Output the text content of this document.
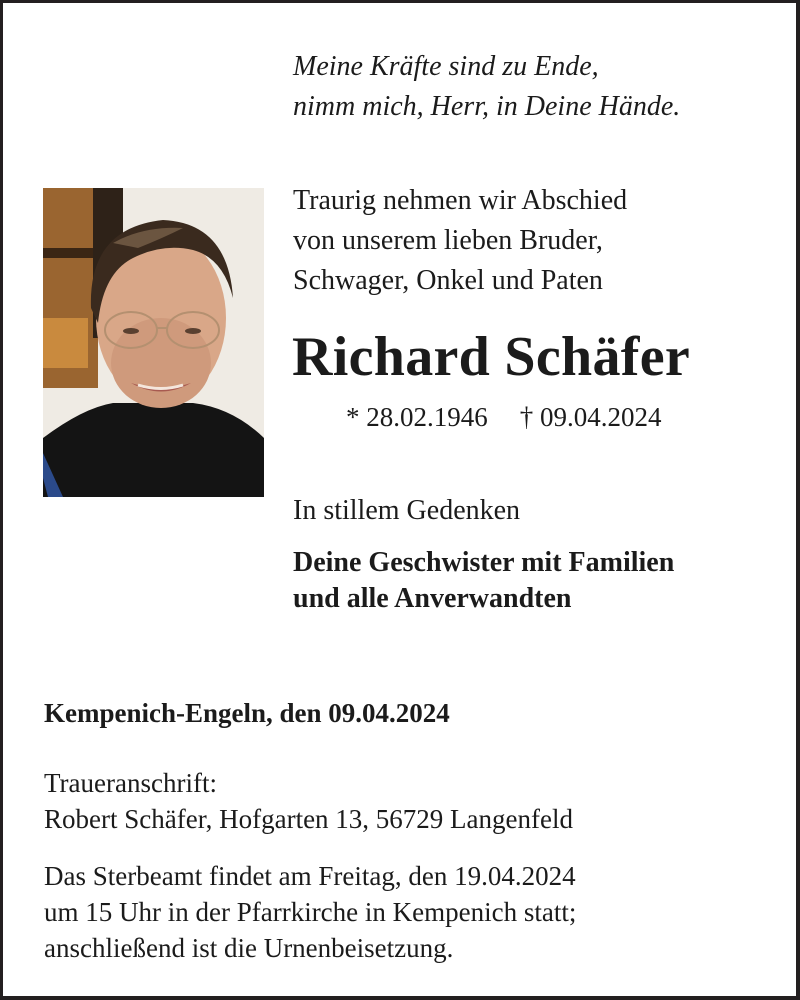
Meine Kräfte sind zu Ende,
nimm mich, Herr, in Deine Hände.

Traurig nehmen wir Abschied
von unserem lieben Bruder,
Schwager, Onkel und Paten

Richard Schäfer

* 28.02.1946 † 09.04.2024

In stillem Gedenken

Deine Geschwister mit Familien
und alle Anverwandten

Kempenich-Engeln, den 09.04.2024

Traueranschrift:
Robert Schäfer, Hofgarten 13, 56729 Langenfeld

Das Sterbeamt findet am Freitag, den 19.04.2024
um 15 Uhr in der Pfarrkirche in Kempenich statt;
anschließend ist die Urnenbeisetzung.
